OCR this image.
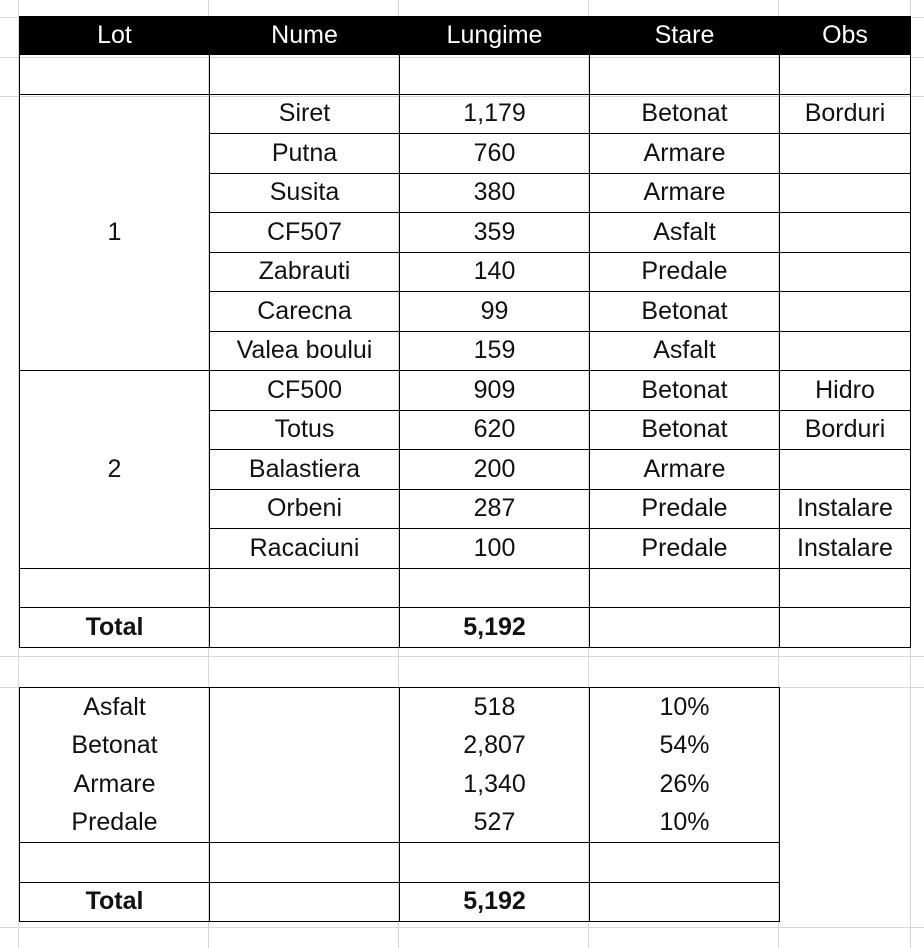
Lot	Nume	Lungime	Stare	Obs

1	Siret	1,179	Betonat	Borduri
	Putna	760	Armare	
	Susita	380	Armare	
	CF507	359	Asfalt	
	Zabrauti	140	Predale	
	Carecna	99	Betonat	
	Valea boului	159	Asfalt	
2	CF500	909	Betonat	Hidro
	Totus	620	Betonat	Borduri
	Balastiera	200	Armare	
	Orbeni	287	Predale	Instalare
	Racaciuni	100	Predale	Instalare

Total		5,192		
Asfalt		518	10%
Betonat		2,807	54%
Armare		1,340	26%
Predale		527	10%

Total		5,192	
